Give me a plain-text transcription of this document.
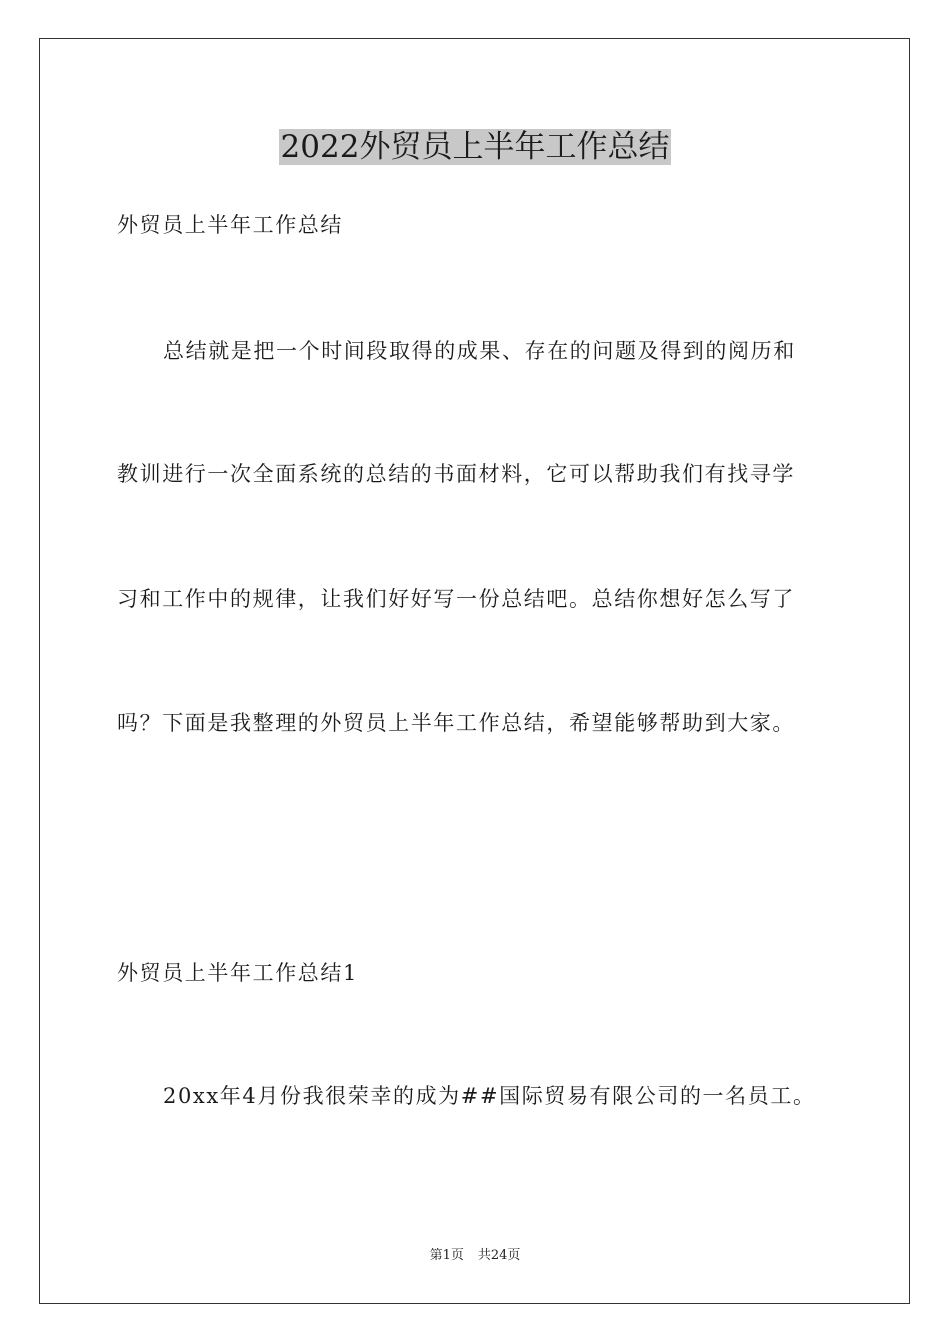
2022外贸员上半年工作总结
外贸员上半年工作总结
总结就是把一个时间段取得的成果、存在的问题及得到的阅历和
教训进行一次全面系统的总结的书面材料，它可以帮助我们有找寻学
习和工作中的规律，让我们好好写一份总结吧。总结你想好怎么写了
吗？下面是我整理的外贸员上半年工作总结，希望能够帮助到大家。
外贸员上半年工作总结1
20xx年4月份我很荣幸的成为##国际贸易有限公司的一名员工。
第1页 共24页
